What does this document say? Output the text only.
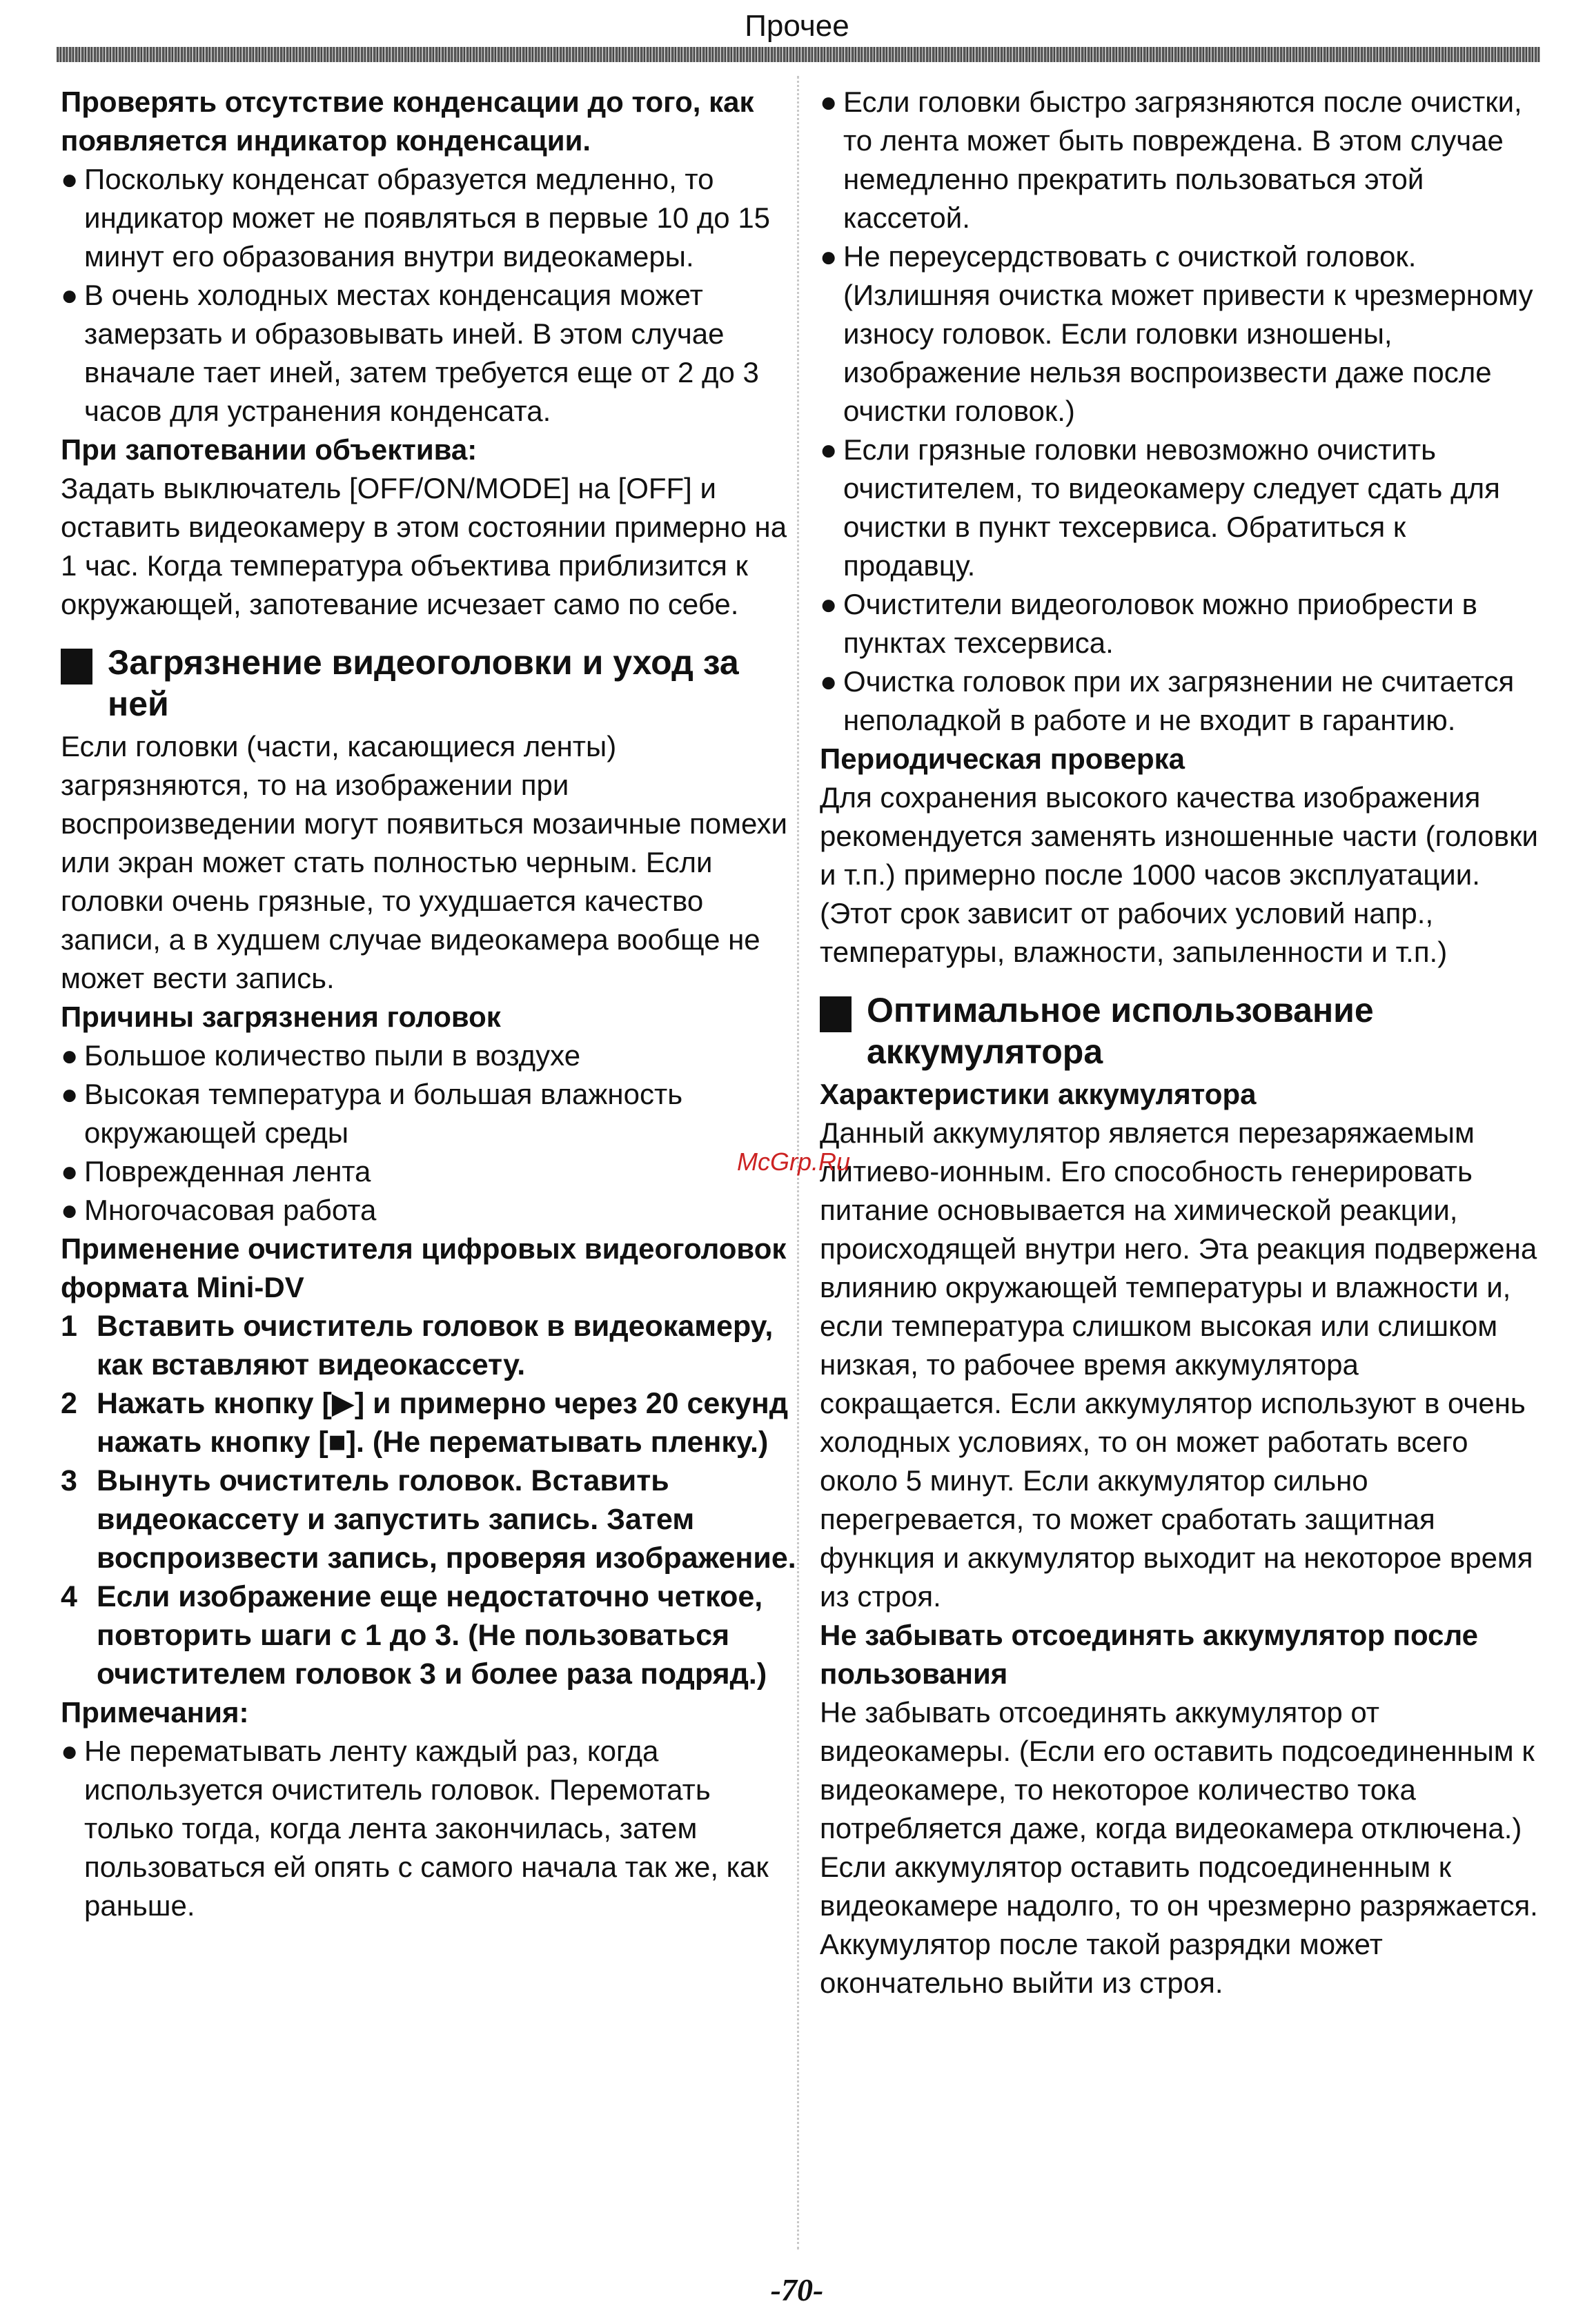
Прочее

Проверять отсутствие конденсации до того, как появляется индикатор конденсации.

● Поскольку конденсат образуется медленно, то индикатор может не появляться в первые 10 до 15 минут его образования внутри видеокамеры.
● В очень холодных местах конденсация может замерзать и образовывать иней. В этом случае вначале тает иней, затем требуется еще от 2 до 3 часов для устранения конденсата.

При запотевании объектива:

Задать выключатель [OFF/ON/MODE] на [OFF] и оставить видеокамеру в этом состоянии примерно на 1 час. Когда температура объектива приблизится к окружающей, запотевание исчезает само по себе.

Загрязнение видеоголовки и уход за ней

Если головки (части, касающиеся ленты) загрязняются, то на изображении при воспроизведении могут появиться мозаичные помехи или экран может стать полностью черным. Если головки очень грязные, то ухудшается качество записи, а в худшем случае видеокамера вообще не может вести запись.

Причины загрязнения головок

● Большое количество пыли в воздухе
● Высокая температура и большая влажность окружающей среды
● Поврежденная лента
● Многочасовая работа

Применение очистителя цифровых видеоголовок формата Mini-DV

1 Вставить очиститель головок в видеокамеру, как вставляют видеокассету.
2 Нажать кнопку [▶] и примерно через 20 секунд нажать кнопку [■]. (Не перематывать пленку.)
3 Вынуть очиститель головок. Вставить видеокассету и запустить запись. Затем воспроизвести запись, проверяя изображение.
4 Если изображение еще недостаточно четкое, повторить шаги с 1 до 3. (Не пользоваться очистителем головок 3 и более раза подряд.)

Примечания:

● Не перематывать ленту каждый раз, когда используется очиститель головок. Перемотать только тогда, когда лента закончилась, затем пользоваться ей опять с самого начала так же, как раньше.
● Если головки быстро загрязняются после очистки, то лента может быть повреждена. В этом случае немедленно прекратить пользоваться этой кассетой.
● Не переусердствовать с очисткой головок. (Излишняя очистка может привести к чрезмерному износу головок. Если головки изношены, изображение нельзя воспроизвести даже после очистки головок.)
● Если грязные головки невозможно очистить очистителем, то видеокамеру следует сдать для очистки в пункт техсервиса. Обратиться к продавцу.
● Очистители видеоголовок можно приобрести в пунктах техсервиса.
● Очистка головок при их загрязнении не считается неполадкой в работе и не входит в гарантию.

Периодическая проверка

Для сохранения высокого качества изображения рекомендуется заменять изношенные части (головки и т.п.) примерно после 1000 часов эксплуатации. (Этот срок зависит от рабочих условий напр., температуры, влажности, запыленности и т.п.)

Оптимальное использование аккумулятора

Характеристики аккумулятора

Данный аккумулятор является перезаряжаемым литиево-ионным. Его способность генерировать питание основывается на химической реакции, происходящей внутри него. Эта реакция подвержена влиянию окружающей температуры и влажности и, если температура слишком высокая или слишком низкая, то рабочее время аккумулятора сокращается. Если аккумулятор используют в очень холодных условиях, то он может работать всего около 5 минут. Если аккумулятор сильно перегревается, то может сработать защитная функция и аккумулятор выходит на некоторое время из строя.

Не забывать отсоединять аккумулятор после пользования

Не забывать отсоединять аккумулятор от видеокамеры. (Если его оставить подсоединенным к видеокамере, то некоторое количество тока потребляется даже, когда видеокамера отключена.) Если аккумулятор оставить подсоединенным к видеокамере надолго, то он чрезмерно разряжается. Аккумулятор после такой разрядки может окончательно выйти из строя.

McGrp.Ru
-70-
